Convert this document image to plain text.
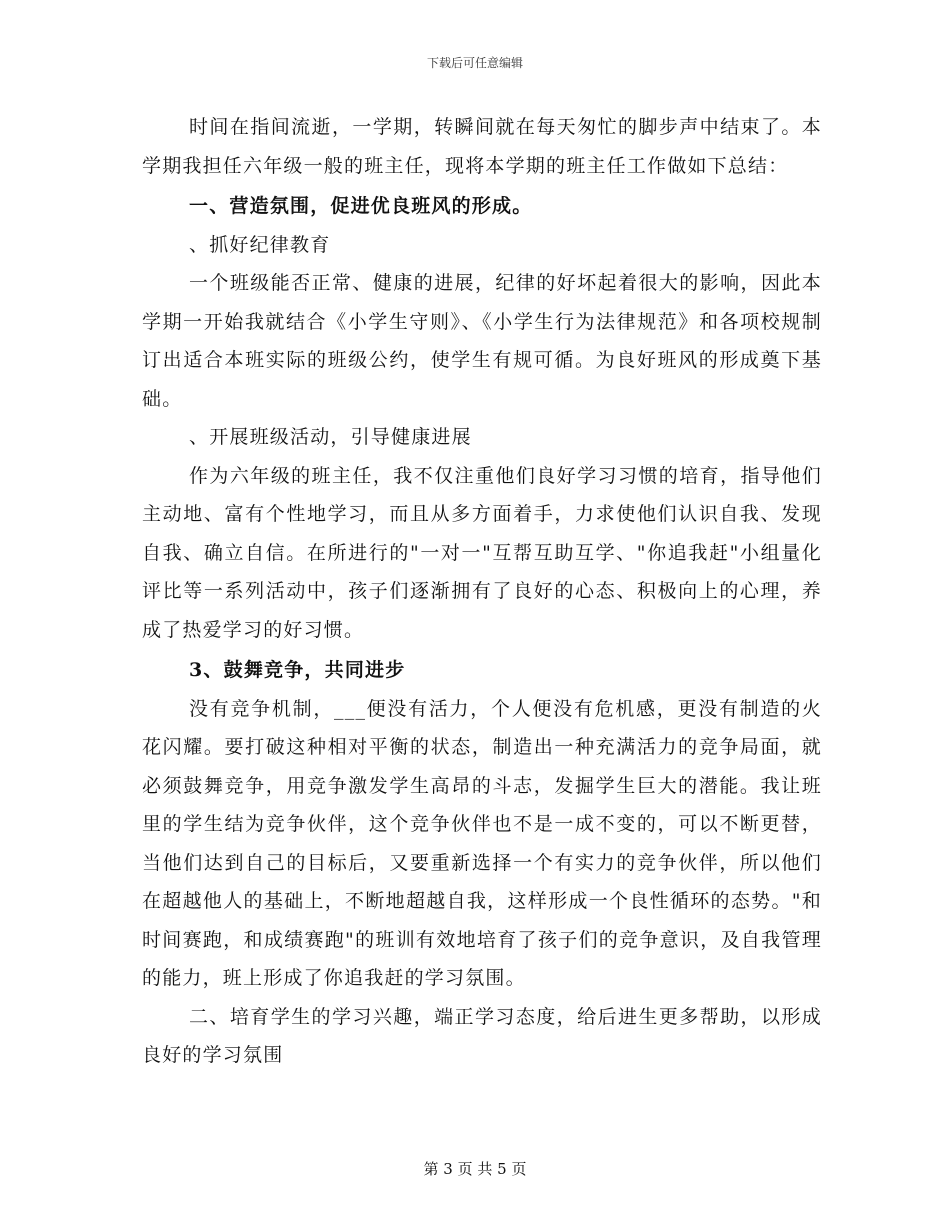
下载后可任意编辑

时间在指间流逝，一学期，转瞬间就在每天匆忙的脚步声中结束了。本学期我担任六年级一般的班主任，现将本学期的班主任工作做如下总结：

一、营造氛围，促进优良班风的形成。

、抓好纪律教育

一个班级能否正常、健康的进展，纪律的好坏起着很大的影响，因此本学期一开始我就结合《小学生守则》、《小学生行为法律规范》和各项校规制订出适合本班实际的班级公约，使学生有规可循。为良好班风的形成奠下基础。

、开展班级活动，引导健康进展

作为六年级的班主任，我不仅注重他们良好学习习惯的培育，指导他们主动地、富有个性地学习，而且从多方面着手，力求使他们认识自我、发现自我、确立自信。在所进行的"一对一"互帮互助互学、"你追我赶"小组量化评比等一系列活动中，孩子们逐渐拥有了良好的心态、积极向上的心理，养成了热爱学习的好习惯。

3、鼓舞竞争，共同进步

没有竞争机制，___便没有活力，个人便没有危机感，更没有制造的火花闪耀。要打破这种相对平衡的状态，制造出一种充满活力的竞争局面，就必须鼓舞竞争，用竞争激发学生高昂的斗志，发掘学生巨大的潜能。我让班里的学生结为竞争伙伴，这个竞争伙伴也不是一成不变的，可以不断更替，当他们达到自己的目标后，又要重新选择一个有实力的竞争伙伴，所以他们在超越他人的基础上，不断地超越自我，这样形成一个良性循环的态势。"和时间赛跑，和成绩赛跑"的班训有效地培育了孩子们的竞争意识，及自我管理的能力，班上形成了你追我赶的学习氛围。

二、培育学生的学习兴趣，端正学习态度，给后进生更多帮助，以形成良好的学习氛围

第 3 页 共 5 页
